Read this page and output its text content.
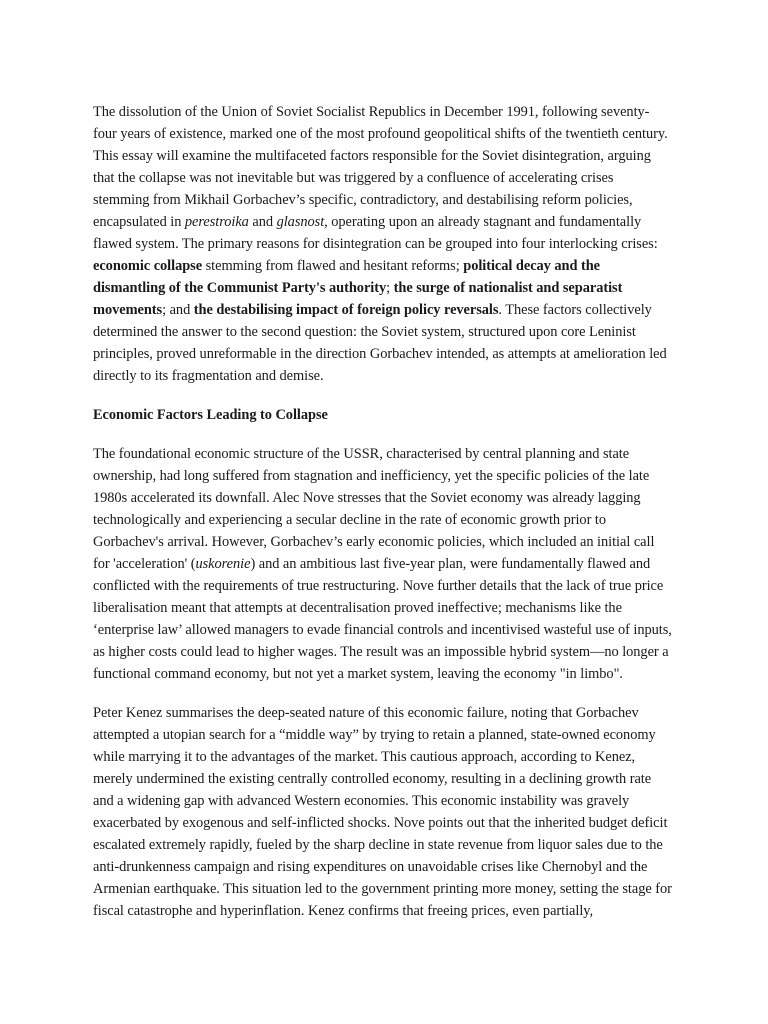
The dissolution of the Union of Soviet Socialist Republics in December 1991, following seventy-four years of existence, marked one of the most profound geopolitical shifts of the twentieth century. This essay will examine the multifaceted factors responsible for the Soviet disintegration, arguing that the collapse was not inevitable but was triggered by a confluence of accelerating crises stemming from Mikhail Gorbachev’s specific, contradictory, and destabilising reform policies, encapsulated in perestroika and glasnost, operating upon an already stagnant and fundamentally flawed system. The primary reasons for disintegration can be grouped into four interlocking crises: economic collapse stemming from flawed and hesitant reforms; political decay and the dismantling of the Communist Party's authority; the surge of nationalist and separatist movements; and the destabilising impact of foreign policy reversals. These factors collectively determined the answer to the second question: the Soviet system, structured upon core Leninist principles, proved unreformable in the direction Gorbachev intended, as attempts at amelioration led directly to its fragmentation and demise.

Economic Factors Leading to Collapse

The foundational economic structure of the USSR, characterised by central planning and state ownership, had long suffered from stagnation and inefficiency, yet the specific policies of the late 1980s accelerated its downfall. Alec Nove stresses that the Soviet economy was already lagging technologically and experiencing a secular decline in the rate of economic growth prior to Gorbachev's arrival. However, Gorbachev’s early economic policies, which included an initial call for 'acceleration' (uskorenie) and an ambitious last five-year plan, were fundamentally flawed and conflicted with the requirements of true restructuring. Nove further details that the lack of true price liberalisation meant that attempts at decentralisation proved ineffective; mechanisms like the ‘enterprise law’ allowed managers to evade financial controls and incentivised wasteful use of inputs, as higher costs could lead to higher wages. The result was an impossible hybrid system—no longer a functional command economy, but not yet a market system, leaving the economy "in limbo".

Peter Kenez summarises the deep-seated nature of this economic failure, noting that Gorbachev attempted a utopian search for a “middle way” by trying to retain a planned, state-owned economy while marrying it to the advantages of the market. This cautious approach, according to Kenez, merely undermined the existing centrally controlled economy, resulting in a declining growth rate and a widening gap with advanced Western economies. This economic instability was gravely exacerbated by exogenous and self-inflicted shocks. Nove points out that the inherited budget deficit escalated extremely rapidly, fueled by the sharp decline in state revenue from liquor sales due to the anti-drunkenness campaign and rising expenditures on unavoidable crises like Chernobyl and the Armenian earthquake. This situation led to the government printing more money, setting the stage for fiscal catastrophe and hyperinflation. Kenez confirms that freeing prices, even partially,
